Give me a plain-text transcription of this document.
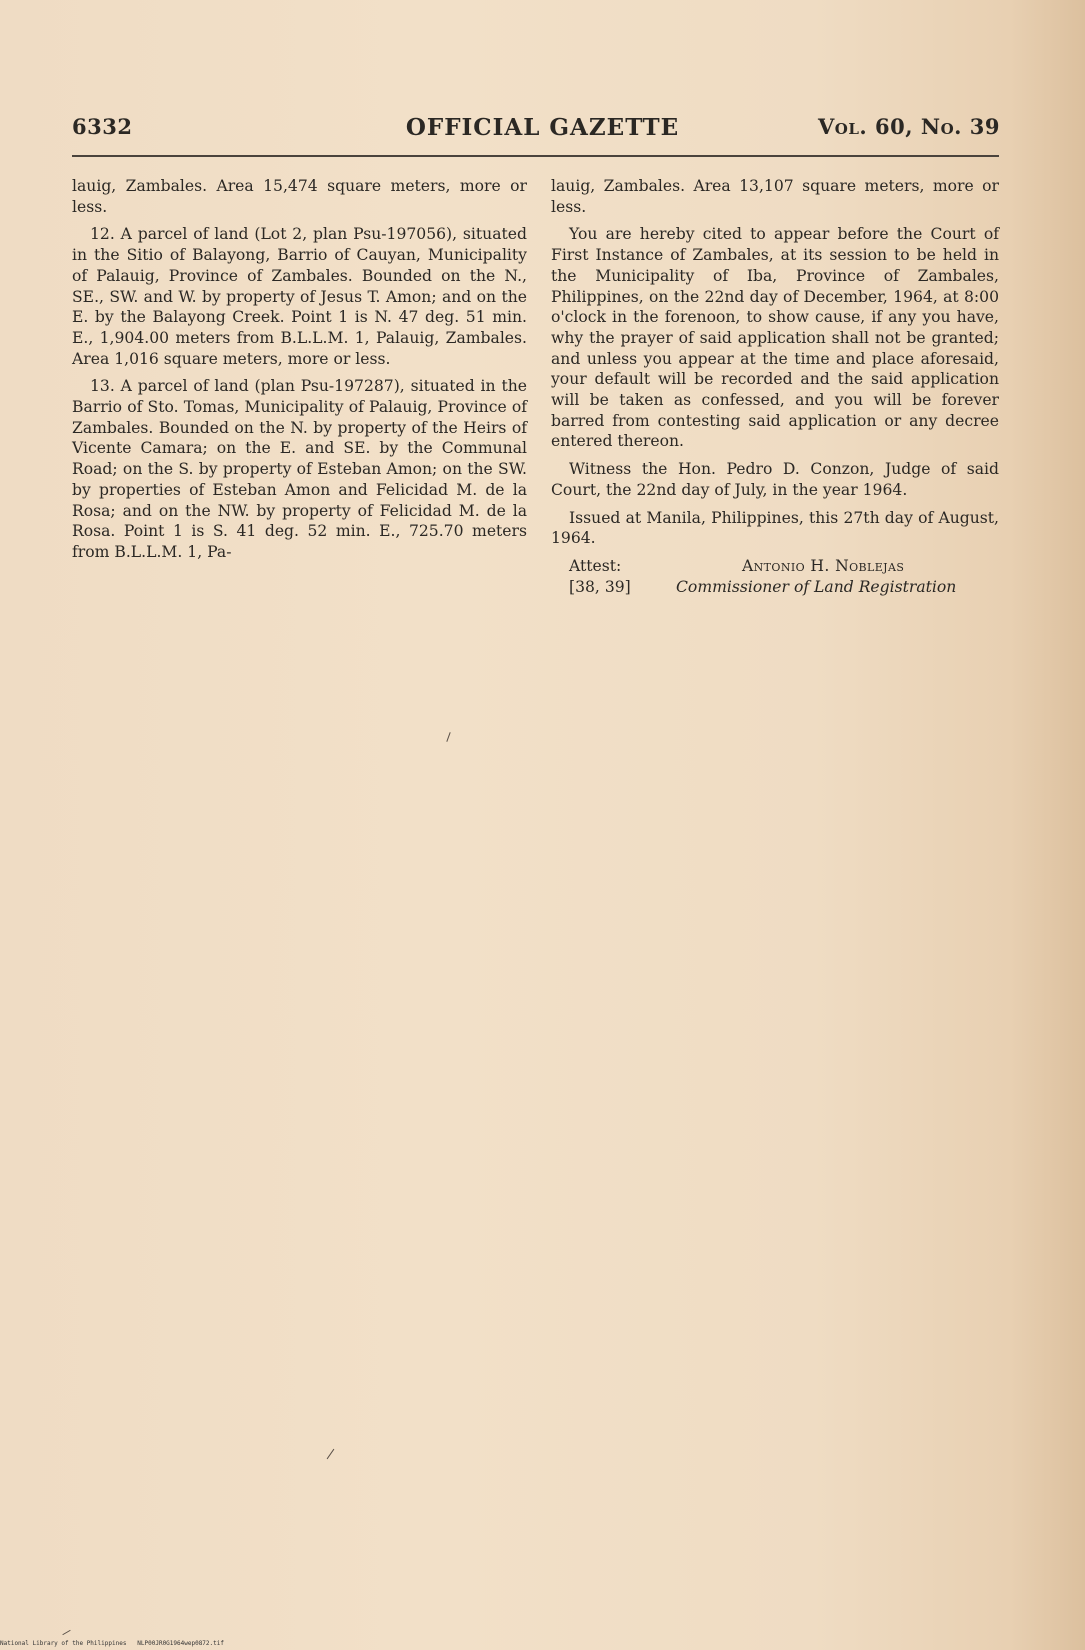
6332	OFFICIAL GAZETTE	Vol. 60, No. 39

lauig, Zambales. Area 15,474 square meters, more or less.

12. A parcel of land (Lot 2, plan Psu-197056), situated in the Sitio of Balayong, Barrio of Cauyan, Municipality of Palauig, Province of Zambales. Bounded on the N., SE., SW. and W. by property of Jesus T. Amon; and on the E. by the Balayong Creek. Point 1 is N. 47 deg. 51 min. E., 1,904.00 meters from B.L.L.M. 1, Palauig, Zambales. Area 1,016 square meters, more or less.

13. A parcel of land (plan Psu-197287), situated in the Barrio of Sto. Tomas, Municipality of Palauig, Province of Zambales. Bounded on the N. by property of the Heirs of Vicente Camara; on the E. and SE. by the Communal Road; on the S. by property of Esteban Amon; on the SW. by properties of Esteban Amon and Felicidad M. de la Rosa; and on the NW. by property of Felicidad M. de la Rosa. Point 1 is S. 41 deg. 52 min. E., 725.70 meters from B.L.L.M. 1, Pa-

lauig, Zambales. Area 13,107 square meters, more or less.

You are hereby cited to appear before the Court of First Instance of Zambales, at its session to be held in the Municipality of Iba, Province of Zambales, Philippines, on the 22nd day of December, 1964, at 8:00 o'clock in the forenoon, to show cause, if any you have, why the prayer of said application shall not be granted; and unless you appear at the time and place aforesaid, your default will be recorded and the said application will be taken as confessed, and you will be forever barred from contesting said application or any decree entered thereon.

Witness the Hon. Pedro D. Conzon, Judge of said Court, the 22nd day of July, in the year 1964.

Issued at Manila, Philippines, this 27th day of August, 1964.

Attest:	Antonio H. Noblejas
[38, 39]	Commissioner of Land Registration
National Library of the Philippines NLP00JR0G1964wep0872.tif
